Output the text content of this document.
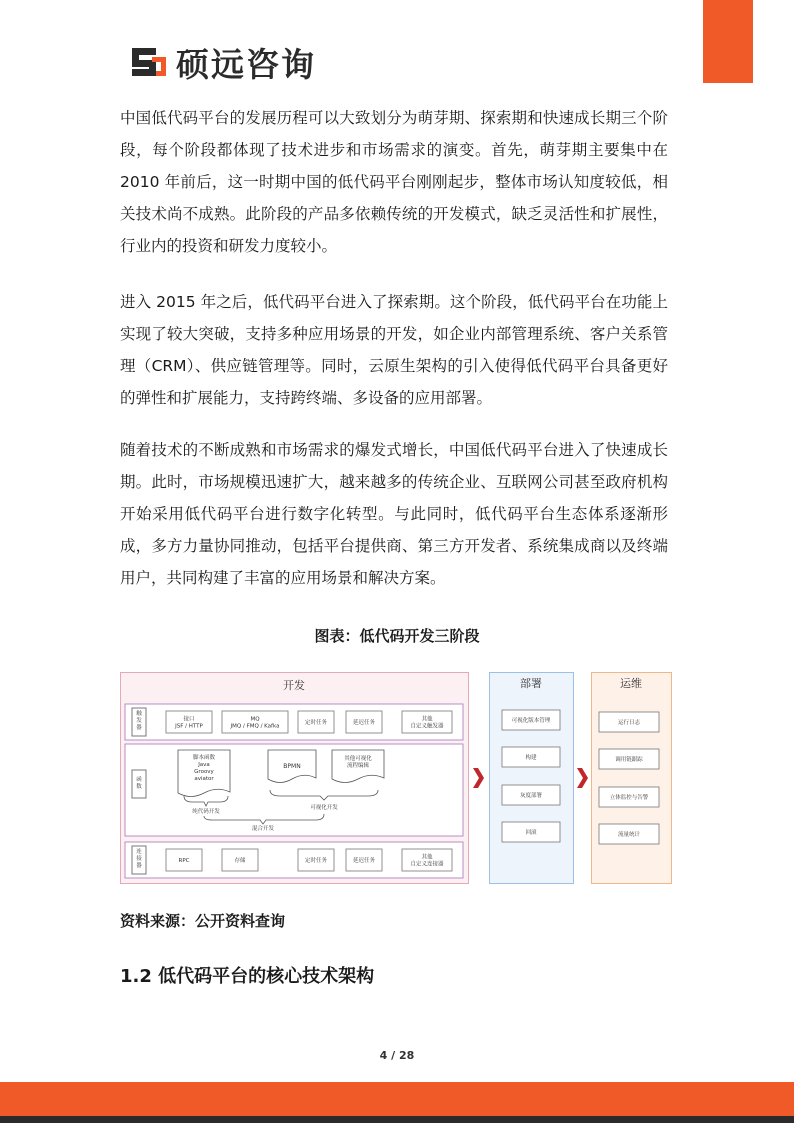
硕远咨询

中国低代码平台的发展历程可以大致划分为萌芽期、探索期和快速成长期三个阶段，每个阶段都体现了技术进步和市场需求的演变。首先，萌芽期主要集中在 2010 年前后，这一时期中国的低代码平台刚刚起步，整体市场认知度较低，相关技术尚不成熟。此阶段的产品多依赖传统的开发模式，缺乏灵活性和扩展性，行业内的投资和研发力度较小。

进入 2015 年之后，低代码平台进入了探索期。这个阶段，低代码平台在功能上实现了较大突破，支持多种应用场景的开发，如企业内部管理系统、客户关系管理（CRM）、供应链管理等。同时，云原生架构的引入使得低代码平台具备更好的弹性和扩展能力，支持跨终端、多设备的应用部署。

随着技术的不断成熟和市场需求的爆发式增长，中国低代码平台进入了快速成长期。此时，市场规模迅速扩大，越来越多的传统企业、互联网公司甚至政府机构开始采用低代码平台进行数字化转型。与此同时，低代码平台生态体系逐渐形成，多方力量协同推动，包括平台提供商、第三方开发者、系统集成商以及终端用户，共同构建了丰富的应用场景和解决方案。

图表：低代码开发三阶段
开发
触发器
接口 JSF / HTTP
MQ JMQ / FMQ / Kafka
定时任务	延迟任务
其他自定义触发器
函数
脚本函数 Java Groovy aviator
BPMN
其他可视化流程编辑
纯代码开发
可视化开发
混合开发
连接器
RPC	存储	定时任务	延迟任务
其他自定义连接器
部署
可视化版本管理
构建
灰度部署
回滚
运维
运行日志
调用链跟踪
立体监控与告警
流量统计
资料来源：公开资料查询
1.2 低代码平台的核心技术架构
4 / 28
